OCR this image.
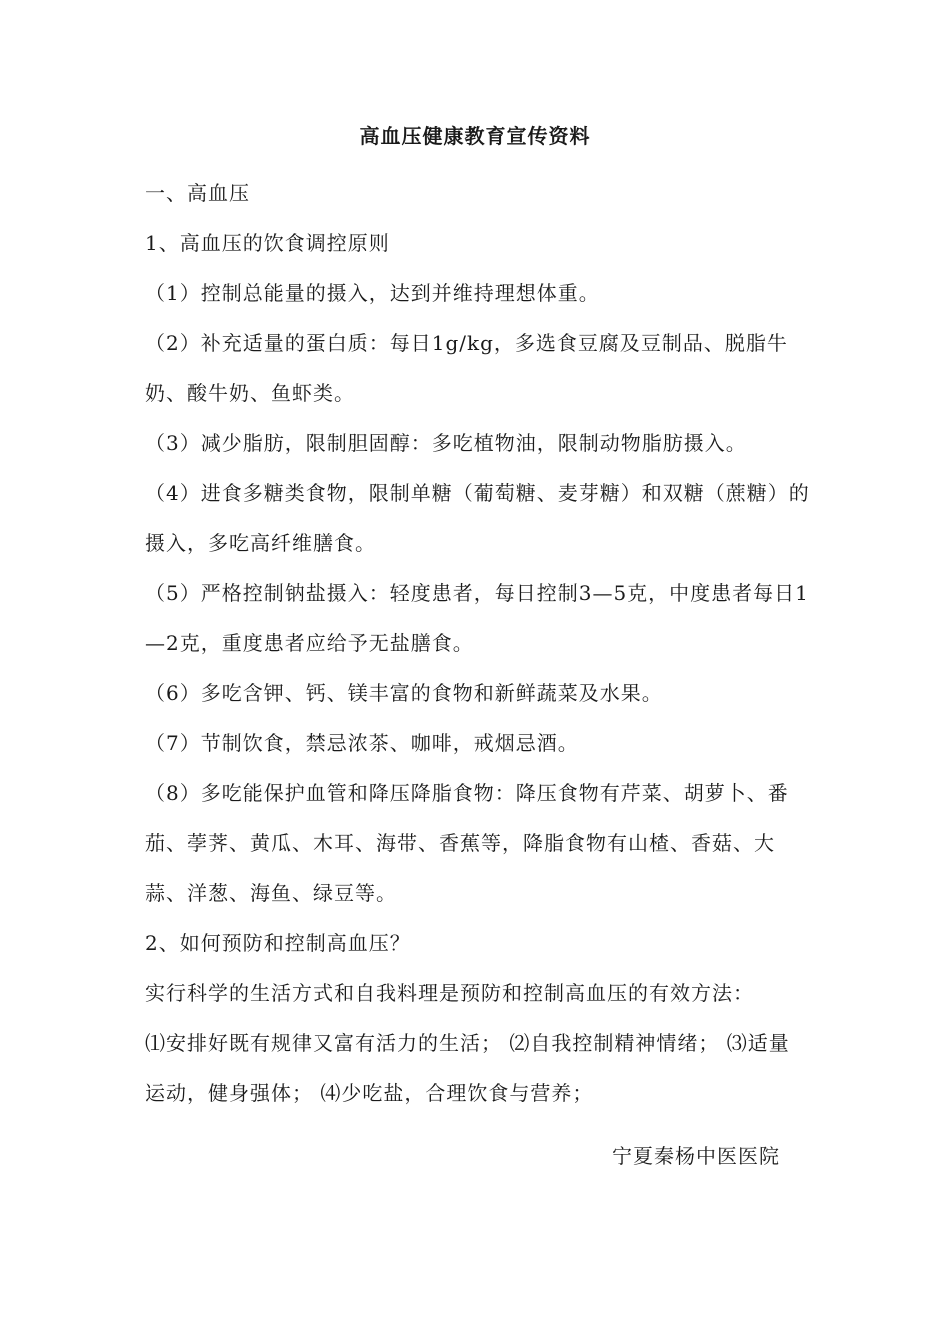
高血压健康教育宣传资料

一、高血压

1、高血压的饮食调控原则

（1）控制总能量的摄入，达到并维持理想体重。

（2）补充适量的蛋白质：每日1g/kg，多选食豆腐及豆制品、脱脂牛奶、酸牛奶、鱼虾类。

（3）减少脂肪，限制胆固醇：多吃植物油，限制动物脂肪摄入。

（4）进食多糖类食物，限制单糖（葡萄糖、麦芽糖）和双糖（蔗糖）的摄入，多吃高纤维膳食。

（5）严格控制钠盐摄入：轻度患者，每日控制3—5克，中度患者每日1—2克，重度患者应给予无盐膳食。

（6）多吃含钾、钙、镁丰富的食物和新鲜蔬菜及水果。

（7）节制饮食，禁忌浓茶、咖啡，戒烟忌酒。

（8）多吃能保护血管和降压降脂食物：降压食物有芹菜、胡萝卜、番茄、荸荠、黄瓜、木耳、海带、香蕉等，降脂食物有山楂、香菇、大蒜、洋葱、海鱼、绿豆等。

2、如何预防和控制高血压？

实行科学的生活方式和自我料理是预防和控制高血压的有效方法：

⑴安排好既有规律又富有活力的生活； ⑵自我控制精神情绪； ⑶适量运动，健身强体； ⑷少吃盐，合理饮食与营养；

宁夏秦杨中医医院
